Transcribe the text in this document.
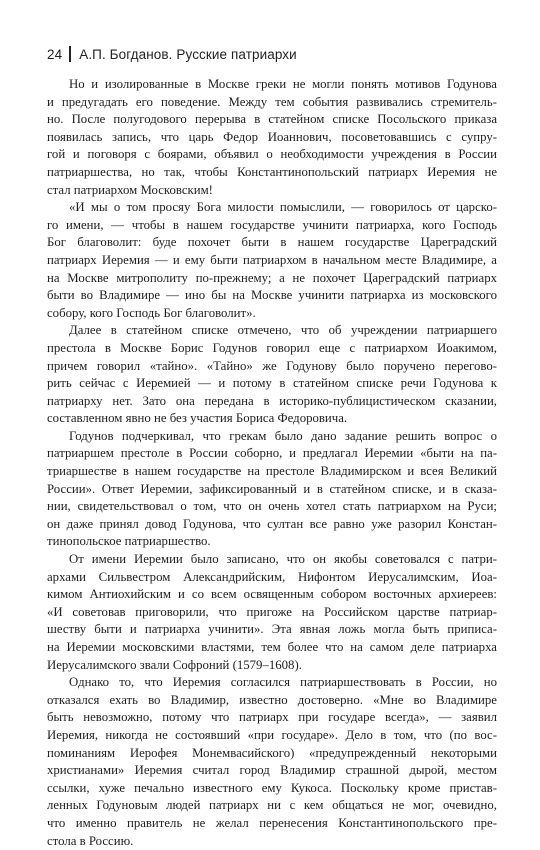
24 А.П. Богданов. Русские патриархи
Но и изолированные в Москве греки не могли понять мотивов Годунова
и предугадать его поведение. Между тем события развивались стремитель-
но. После полугодового перерыва в статейном списке Посольского приказа
появилась запись, что царь Федор Иоаннович, посоветовавшись с супру-
гой и поговоря с боярами, объявил о необходимости учреждения в России
патриаршества, но так, чтобы Константинопольский патриарх Иеремия не
стал патриархом Московским!
«И мы о том просяу Бога милости помыслили, — говорилось от царско-
го имени, — чтобы в нашем государстве учинити патриарха, кого Господь
Бог благоволит: буде похочет быти в нашем государстве Цареградский
патриарх Иеремия — и ему быти патриархом в начальном месте Владимире, а
на Москве митрополиту по-прежнему; а не похочет Цареградский патриарх
быти во Владимире — ино бы на Москве учинити патриарха из московского
собору, кого Господь Бог благоволит».
Далее в статейном списке отмечено, что об учреждении патриаршего
престола в Москве Борис Годунов говорил еще с патриархом Иоакимом,
причем говорил «тайно». «Тайно» же Годунову было поручено перегово-
рить сейчас с Иеремией — и потому в статейном списке речи Годунова к
патриарху нет. Зато она передана в историко-публицистическом сказании,
составленном явно не без участия Бориса Федоровича.
Годунов подчеркивал, что грекам было дано задание решить вопрос о
патриаршем престоле в России соборно, и предлагал Иеремии «быти на па-
триаршестве в нашем государстве на престоле Владимирском и всея Великий
России». Ответ Иеремии, зафиксированный и в статейном списке, и в сказа-
нии, свидетельствовал о том, что он очень хотел стать патриархом на Руси;
он даже принял довод Годунова, что султан все равно уже разорил Констан-
тинопольское патриаршество.
От имени Иеремии было записано, что он якобы советовался с патри-
архами Сильвестром Александрийским, Нифонтом Иерусалимским, Иоа-
кимом Антиохийским и со всем освященным собором восточных архиереев:
«И советовав приговорили, что пригоже на Российском царстве патриар-
шеству быти и патриарха учинити». Эта явная ложь могла быть приписа-
на Иеремии московскими властями, тем более что на самом деле патриарха
Иерусалимского звали Софроний (1579–1608).
Однако то, что Иеремия согласился патриаршествовать в России, но
отказался ехать во Владимир, известно достоверно. «Мне во Владимире
быть невозможно, потому что патриарх при государе всегда», — заявил
Иеремия, никогда не состоявший «при государе». Дело в том, что (по вос-
поминаниям Иерофея Монемвасийского) «предупрежденный некоторыми
христианами» Иеремия считал город Владимир страшной дырой, местом
ссылки, хуже печально известного ему Кукоса. Поскольку кроме пристав-
ленных Годуновым людей патриарх ни с кем общаться не мог, очевидно,
что именно правитель не желал перенесения Константинопольского пре-
стола в Россию.
